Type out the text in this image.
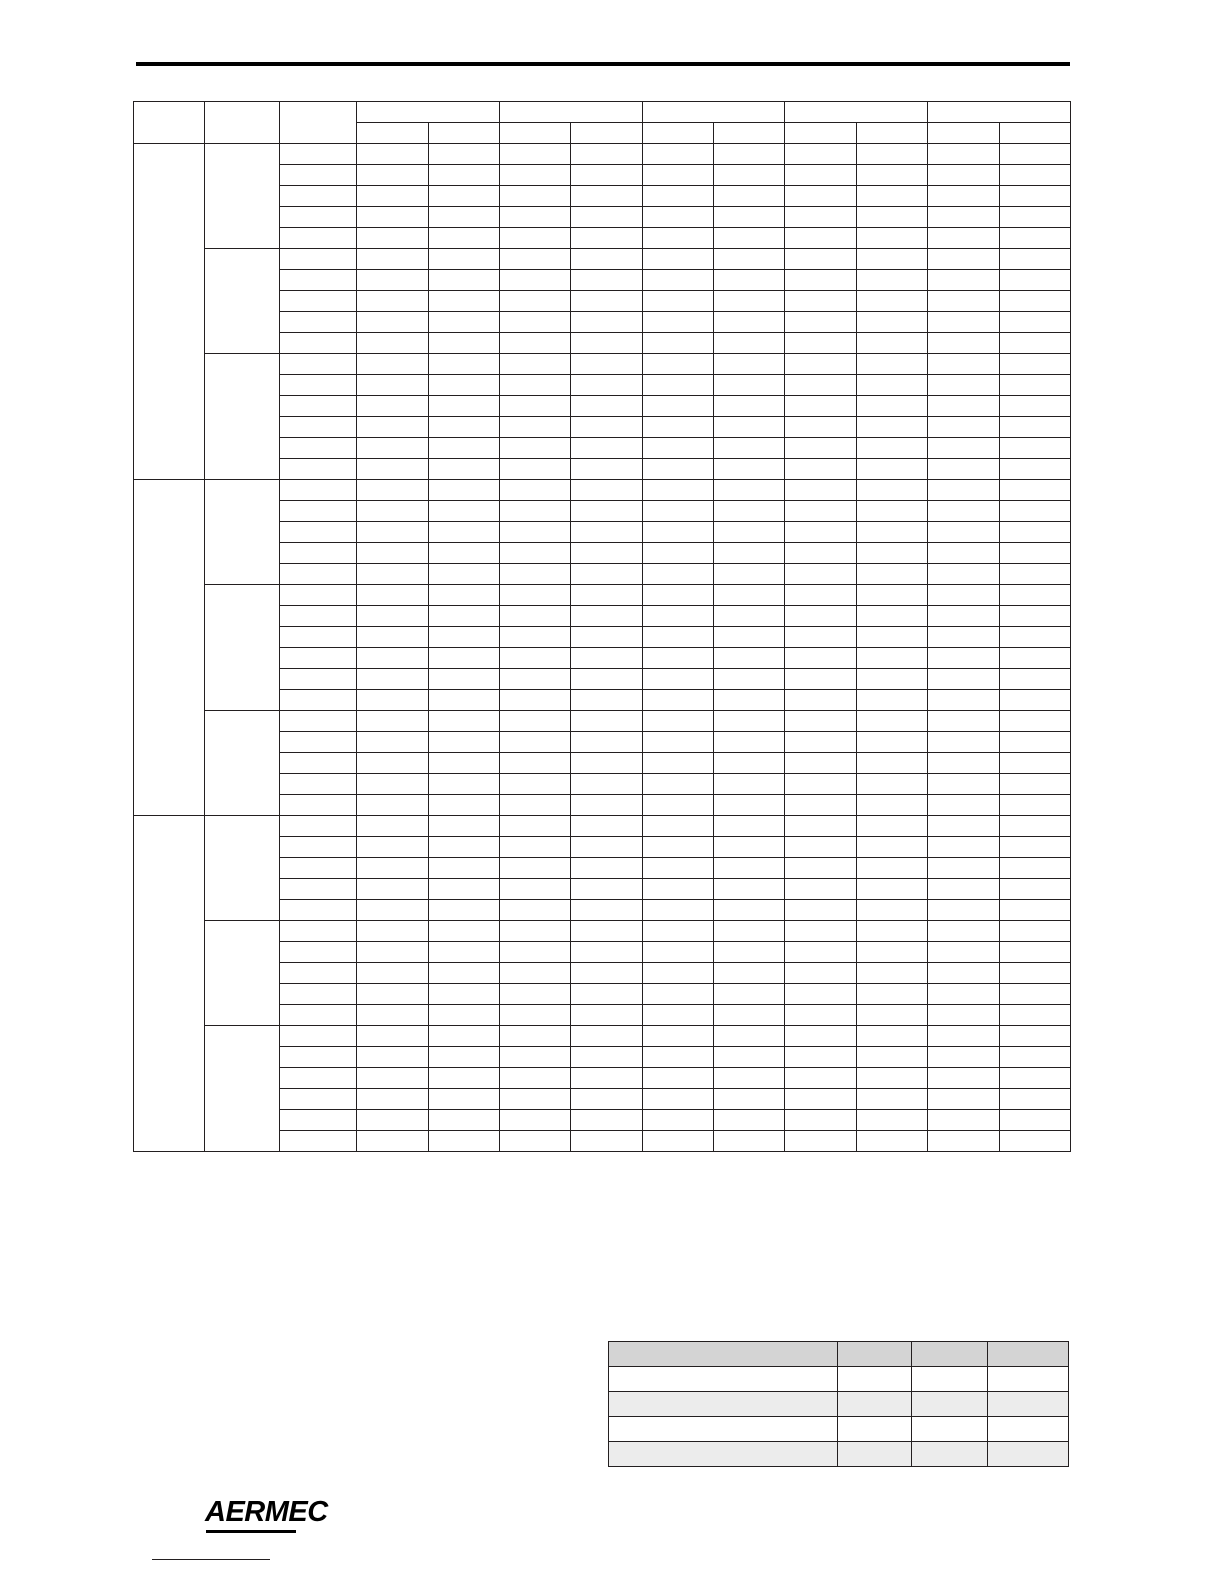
AERMEC
